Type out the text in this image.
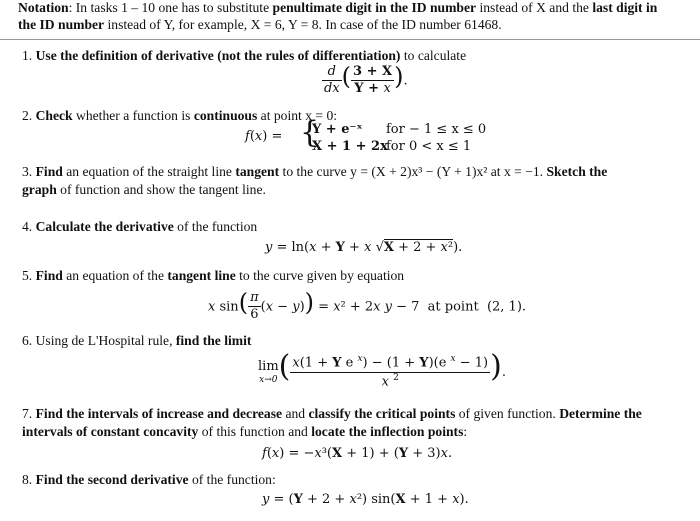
Notation: In tasks 1 – 10 one has to substitute penultimate digit in the ID number instead of X and the last digit in
the ID number instead of Y, for example, X = 6, Y = 8. In case of the ID number 61468.
1. Use the definition of derivative (not the rules of differentiation) to calculate
$\frac{d}{dx}$ ( $\frac{3 + X}{Y + x}$ ).
2. Check whether a function is continuous at point x = 0:
f(x) = {
Y + e⁻ˣ for − 1 ≤ x ≤ 0
X + 1 + 2x
for 0 < x ≤ 1
3. Find an equation of the straight line tangent to the curve y = (X + 2)x³ − (Y + 1)x² at x = −1. Sketch the
graph of function and show the tangent line.
4. Calculate the derivative of the function
y = ln(x + Y + x √X + 2 + x²).
5. Find an equation of the tangent line to the curve given by equation
x $\sin( \frac{\pi}{6} (x - y)) = x^2 + 2x$ y − 7  at point  (2, 1).
6. Using de L'Hospital rule, find the limit
lim
x→0 ( $\frac{x(1 + Y e ^x) - (1 + Y)(e ^x - 1)}{x ^2}$ ).
7. Find the intervals of increase and decrease and classify the critical points of given function. Determine the
intervals of constant concavity of this function and locate the inflection points:
f(x) = −x³(X + 1) + (Y + 3)x.
8. Find the second derivative of the function:
y = (Y + 2 + x²) sin(X + 1 + x).
